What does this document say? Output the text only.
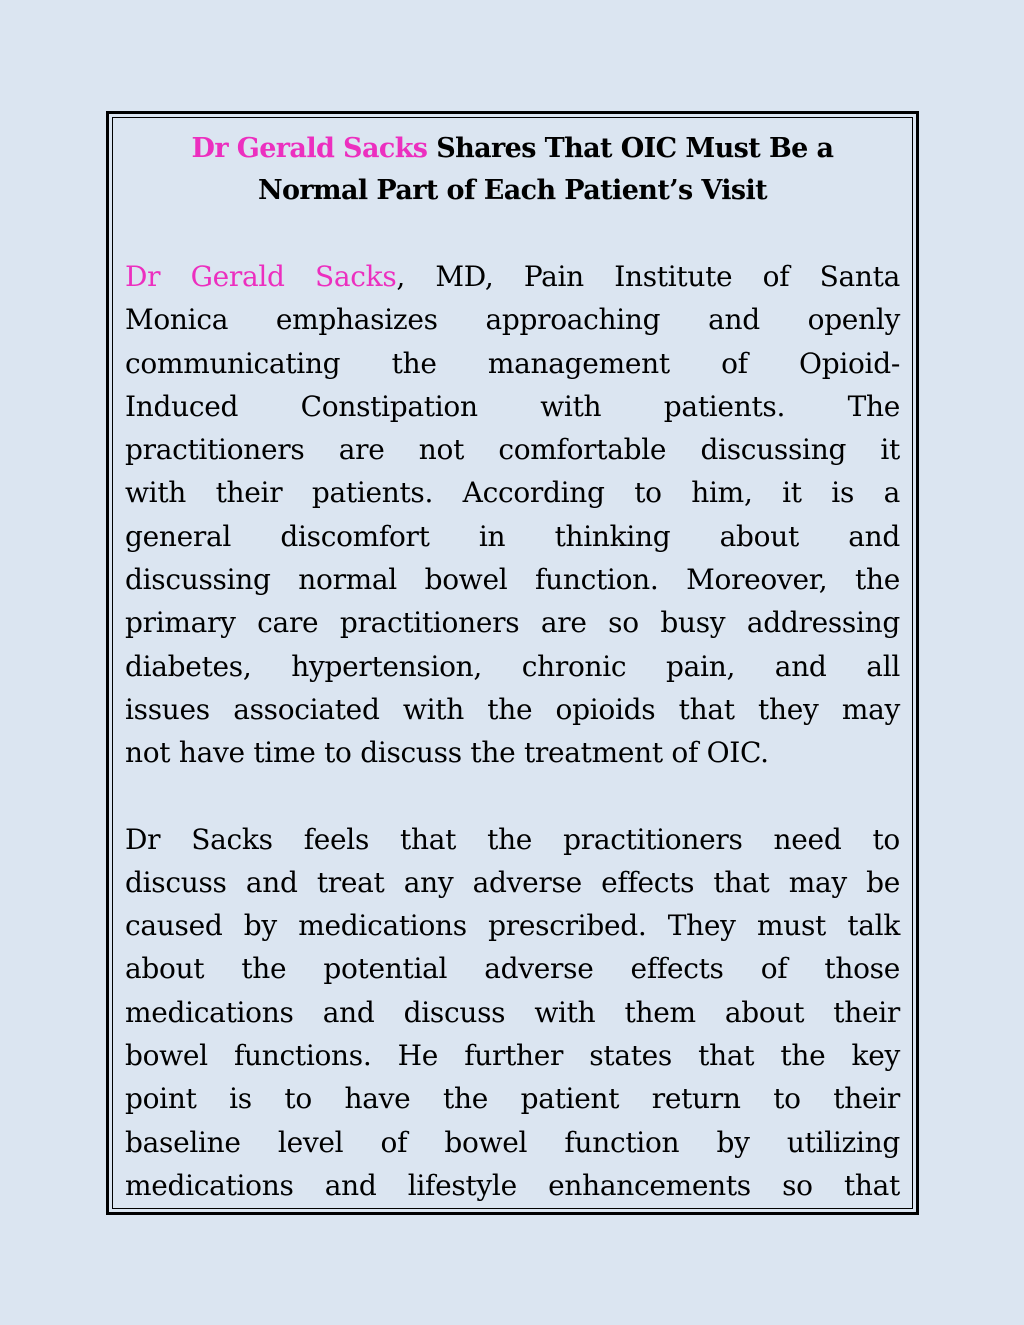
Dr Gerald Sacks Shares That OIC Must Be a
Normal Part of Each Patient’s Visit

Dr Gerald Sacks, MD, Pain Institute of Santa
Monica emphasizes approaching and openly
communicating the management of Opioid-
Induced Constipation with patients. The
practitioners are not comfortable discussing it
with their patients. According to him, it is a
general discomfort in thinking about and
discussing normal bowel function. Moreover, the
primary care practitioners are so busy addressing
diabetes, hypertension, chronic pain, and all
issues associated with the opioids that they may
not have time to discuss the treatment of OIC.

Dr Sacks feels that the practitioners need to
discuss and treat any adverse effects that may be
caused by medications prescribed. They must talk
about the potential adverse effects of those
medications and discuss with them about their
bowel functions. He further states that the key
point is to have the patient return to their
baseline level of bowel function by utilizing
medications and lifestyle enhancements so that
